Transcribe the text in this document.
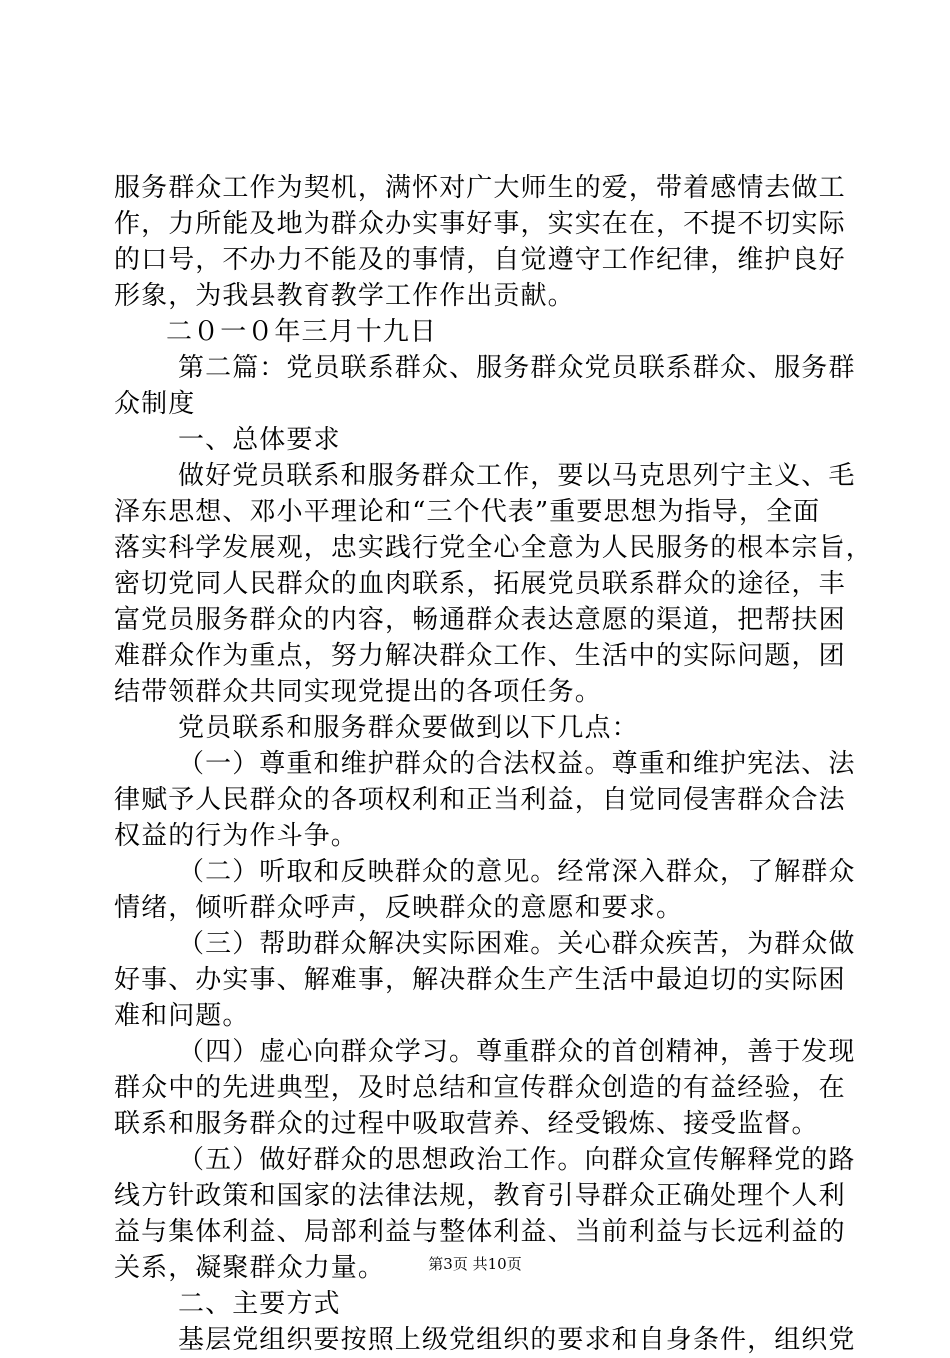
服务群众工作为契机，满怀对广大师生的爱，带着感情去做工
作，力所能及地为群众办实事好事，实实在在，不提不切实际
的口号，不办力不能及的事情，自觉遵守工作纪律，维护良好
形象，为我县教育教学工作作出贡献。
二０一０年三月十九日
第二篇：党员联系群众、服务群众党员联系群众、服务群
众制度
一、总体要求
做好党员联系和服务群众工作，要以马克思列宁主义、毛
泽东思想、邓小平理论和“三个代表”重要思想为指导，全面
落实科学发展观，忠实践行党全心全意为人民服务的根本宗旨，
密切党同人民群众的血肉联系，拓展党员联系群众的途径，丰
富党员服务群众的内容，畅通群众表达意愿的渠道，把帮扶困
难群众作为重点，努力解决群众工作、生活中的实际问题，团
结带领群众共同实现党提出的各项任务。
党员联系和服务群众要做到以下几点：
（一）尊重和维护群众的合法权益。尊重和维护宪法、法
律赋予人民群众的各项权利和正当利益，自觉同侵害群众合法
权益的行为作斗争。
（二）听取和反映群众的意见。经常深入群众，了解群众
情绪，倾听群众呼声，反映群众的意愿和要求。
（三）帮助群众解决实际困难。关心群众疾苦，为群众做
好事、办实事、解难事，解决群众生产生活中最迫切的实际困
难和问题。
（四）虚心向群众学习。尊重群众的首创精神，善于发现
群众中的先进典型，及时总结和宣传群众创造的有益经验，在
联系和服务群众的过程中吸取营养、经受锻炼、接受监督。
（五）做好群众的思想政治工作。向群众宣传解释党的路
线方针政策和国家的法律法规，教育引导群众正确处理个人利
益与集体利益、局部利益与整体利益、当前利益与长远利益的
关系，凝聚群众力量。
二、主要方式
基层党组织要按照上级党组织的要求和自身条件，组织党
第3页 共10页
